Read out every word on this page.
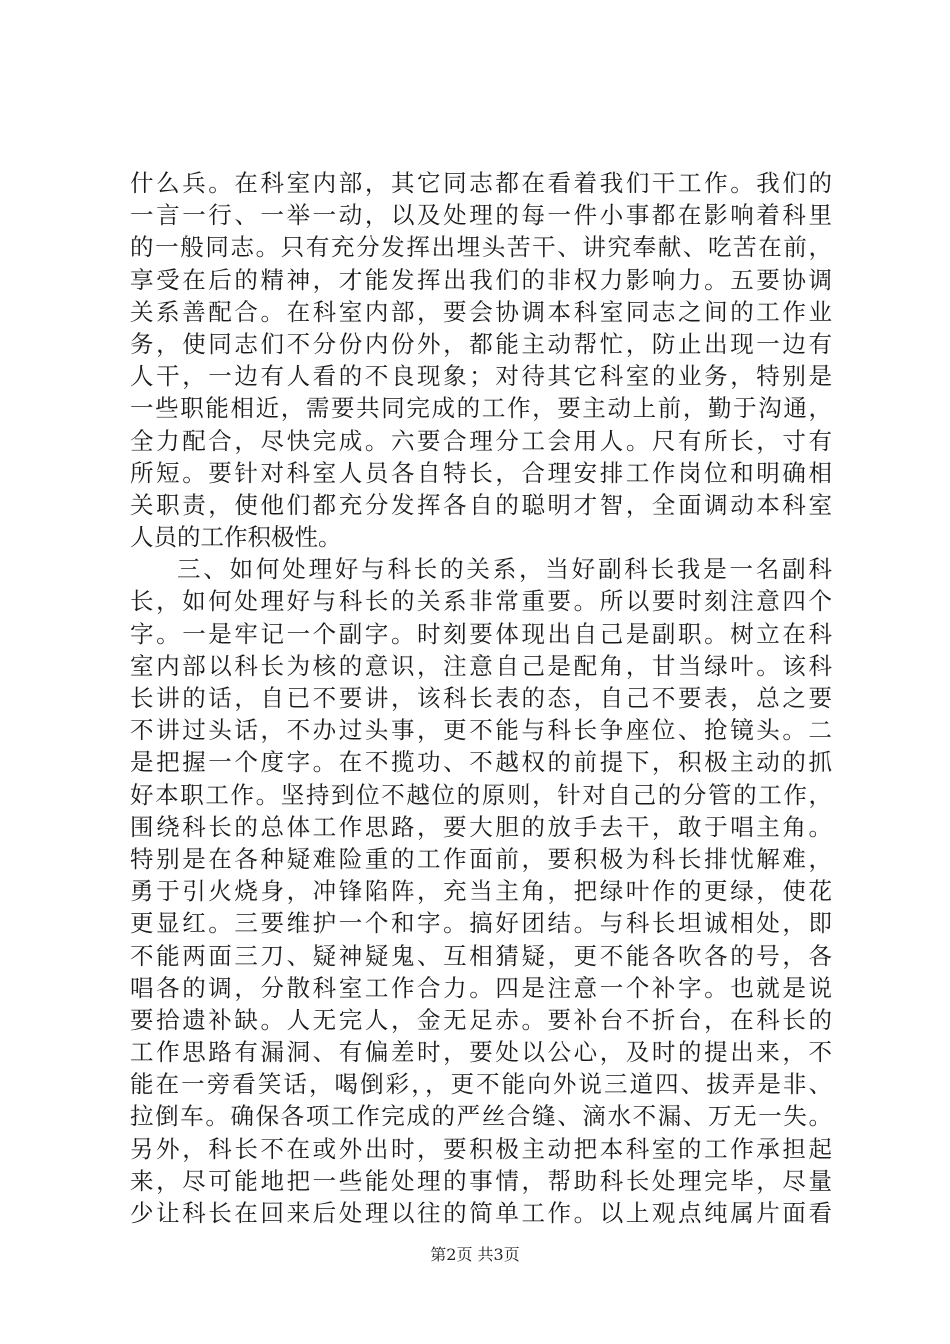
什么兵。在科室内部，其它同志都在看着我们干工作。我们的
一言一行、一举一动，以及处理的每一件小事都在影响着科里
的一般同志。只有充分发挥出埋头苦干、讲究奉献、吃苦在前，
享受在后的精神，才能发挥出我们的非权力影响力。五要协调
关系善配合。在科室内部，要会协调本科室同志之间的工作业
务，使同志们不分份内份外，都能主动帮忙，防止出现一边有
人干，一边有人看的不良现象；对待其它科室的业务，特别是
一些职能相近，需要共同完成的工作，要主动上前，勤于沟通，
全力配合，尽快完成。六要合理分工会用人。尺有所长，寸有
所短。要针对科室人员各自特长，合理安排工作岗位和明确相
关职责，使他们都充分发挥各自的聪明才智，全面调动本科室
人员的工作积极性。
三、如何处理好与科长的关系，当好副科长我是一名副科
长，如何处理好与科长的关系非常重要。所以要时刻注意四个
字。一是牢记一个副字。时刻要体现出自己是副职。树立在科
室内部以科长为核的意识，注意自己是配角，甘当绿叶。该科
长讲的话，自已不要讲，该科长表的态，自己不要表，总之要
不讲过头话，不办过头事，更不能与科长争座位、抢镜头。二
是把握一个度字。在不揽功、不越权的前提下，积极主动的抓
好本职工作。坚持到位不越位的原则，针对自己的分管的工作，
围绕科长的总体工作思路，要大胆的放手去干，敢于唱主角。
特别是在各种疑难险重的工作面前，要积极为科长排忧解难，
勇于引火烧身，冲锋陷阵，充当主角，把绿叶作的更绿，使花
更显红。三要维护一个和字。搞好团结。与科长坦诚相处，即
不能两面三刀、疑神疑鬼、互相猜疑，更不能各吹各的号，各
唱各的调，分散科室工作合力。四是注意一个补字。也就是说
要拾遗补缺。人无完人，金无足赤。要补台不折台，在科长的
工作思路有漏洞、有偏差时，要处以公心，及时的提出来，不
能在一旁看笑话，喝倒彩，，更不能向外说三道四、拔弄是非、
拉倒车。确保各项工作完成的严丝合缝、滴水不漏、万无一失。
另外，科长不在或外出时，要积极主动把本科室的工作承担起
来，尽可能地把一些能处理的事情，帮助科长处理完毕，尽量
少让科长在回来后处理以往的简单工作。以上观点纯属片面看
第2页 共3页
